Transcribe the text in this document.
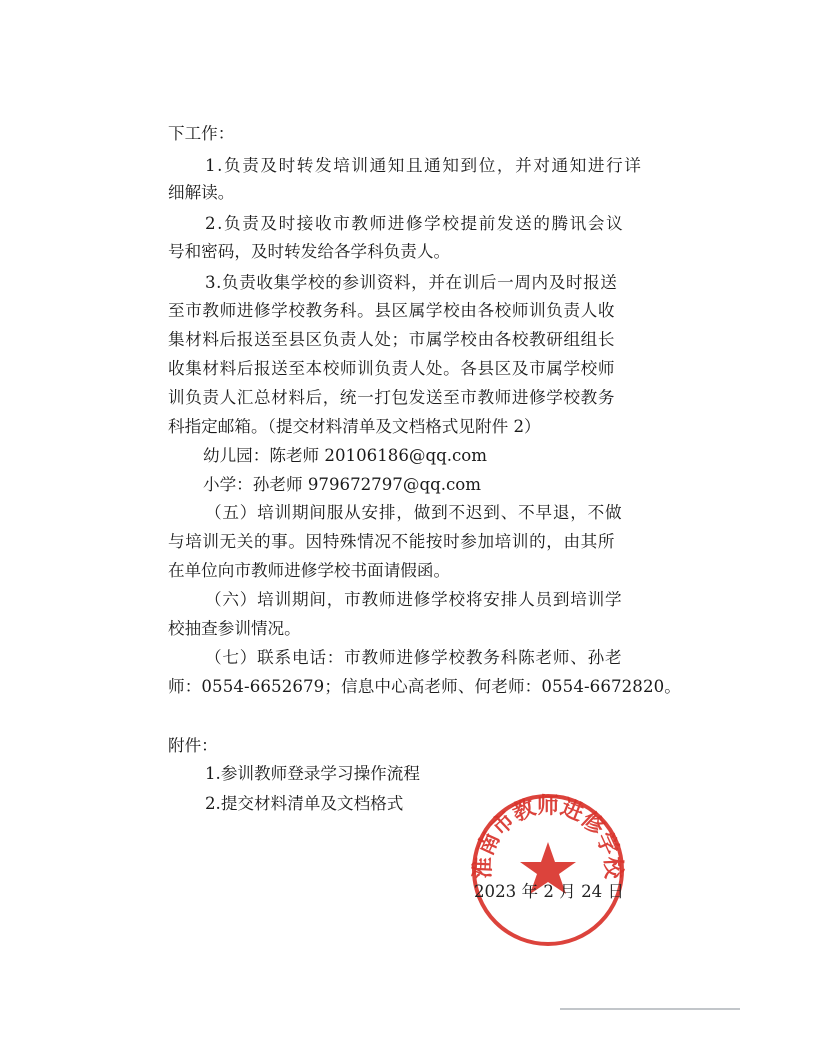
下工作：
1.负责及时转发培训通知且通知到位，并对通知进行详
细解读。
2.负责及时接收市教师进修学校提前发送的腾讯会议
号和密码，及时转发给各学科负责人。
3.负责收集学校的参训资料，并在训后一周内及时报送
至市教师进修学校教务科。县区属学校由各校师训负责人收
集材料后报送至县区负责人处；市属学校由各校教研组组长
收集材料后报送至本校师训负责人处。各县区及市属学校师
训负责人汇总材料后，统一打包发送至市教师进修学校教务
科指定邮箱。（提交材料清单及文档格式见附件 2）
幼儿园：陈老师 20106186@qq.com
小学：孙老师 979672797@qq.com
（五）培训期间服从安排，做到不迟到、不早退，不做
与培训无关的事。因特殊情况不能按时参加培训的，由其所
在单位向市教师进修学校书面请假函。
（六）培训期间，市教师进修学校将安排人员到培训学
校抽查参训情况。
（七）联系电话：市教师进修学校教务科陈老师、孙老
师：0554-6652679；信息中心高老师、何老师：0554-6672820。
附件：
1.参训教师登录学习操作流程
2.提交材料清单及文档格式
淮南市教师进修学校
2023 年 2 月 24 日
